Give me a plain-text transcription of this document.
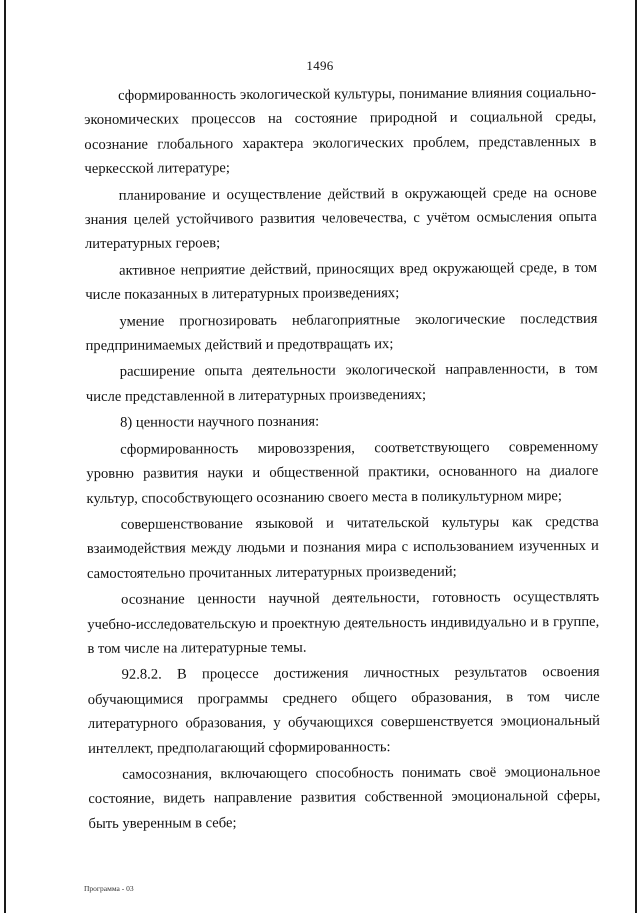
1496

сформированность экологической культуры, понимание влияния социально-экономических процессов на состояние природной и социальной среды, осознание глобального характера экологических проблем, представленных в черкесской литературе;

планирование и осуществление действий в окружающей среде на основе знания целей устойчивого развития человечества, с учётом осмысления опыта литературных героев;

активное неприятие действий, приносящих вред окружающей среде, в том числе показанных в литературных произведениях;

умение прогнозировать неблагоприятные экологические последствия предпринимаемых действий и предотвращать их;

расширение опыта деятельности экологической направленности, в том числе представленной в литературных произведениях;

8) ценности научного познания:

сформированность мировоззрения, соответствующего современному уровню развития науки и общественной практики, основанного на диалоге культур, способствующего осознанию своего места в поликультурном мире;

совершенствование языковой и читательской культуры как средства взаимодействия между людьми и познания мира с использованием изученных и самостоятельно прочитанных литературных произведений;

осознание ценности научной деятельности, готовность осуществлять учебно-исследовательскую и проектную деятельность индивидуально и в группе, в том числе на литературные темы.

92.8.2. В процессе достижения личностных результатов освоения обучающимися программы среднего общего образования, в том числе литературного образования, у обучающихся совершенствуется эмоциональный интеллект, предполагающий сформированность:

самосознания, включающего способность понимать своё эмоциональное состояние, видеть направление развития собственной эмоциональной сферы, быть уверенным в себе;

Программа - 03
